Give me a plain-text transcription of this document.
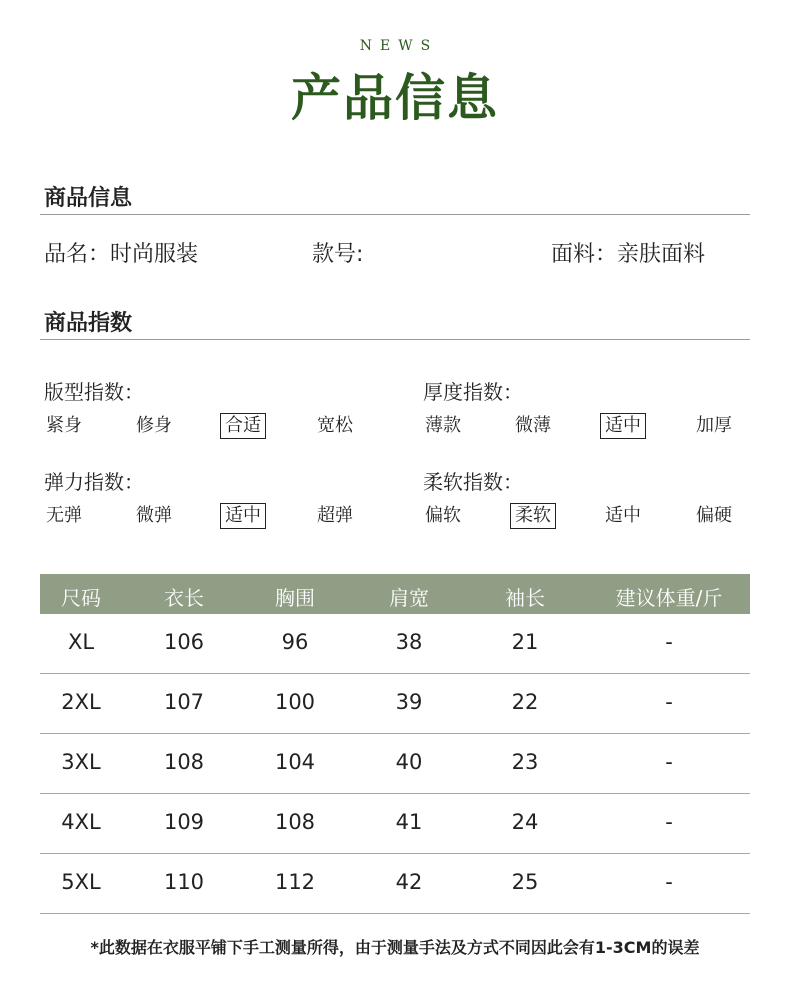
NEWS
产品信息
商品信息
品名：时尚服装	款号:	面料：亲肤面料
商品指数
版型指数：	厚度指数：
弹力指数：	柔软指数：
紧身	修身	合适	宽松	薄款	微薄	适中	加厚
无弹	微弹	适中	超弹	偏软	柔软	适中	偏硬
尺码	衣长	胸围	肩宽	袖长	建议体重/斤
XL	106	96	38	21	-
2XL	107	100	39	22	-
3XL	108	104	40	23	-
4XL	109	108	41	24	-
5XL	110	112	42	25	-
*此数据在衣服平铺下手工测量所得，由于测量手法及方式不同因此会有1-3CM的误差
